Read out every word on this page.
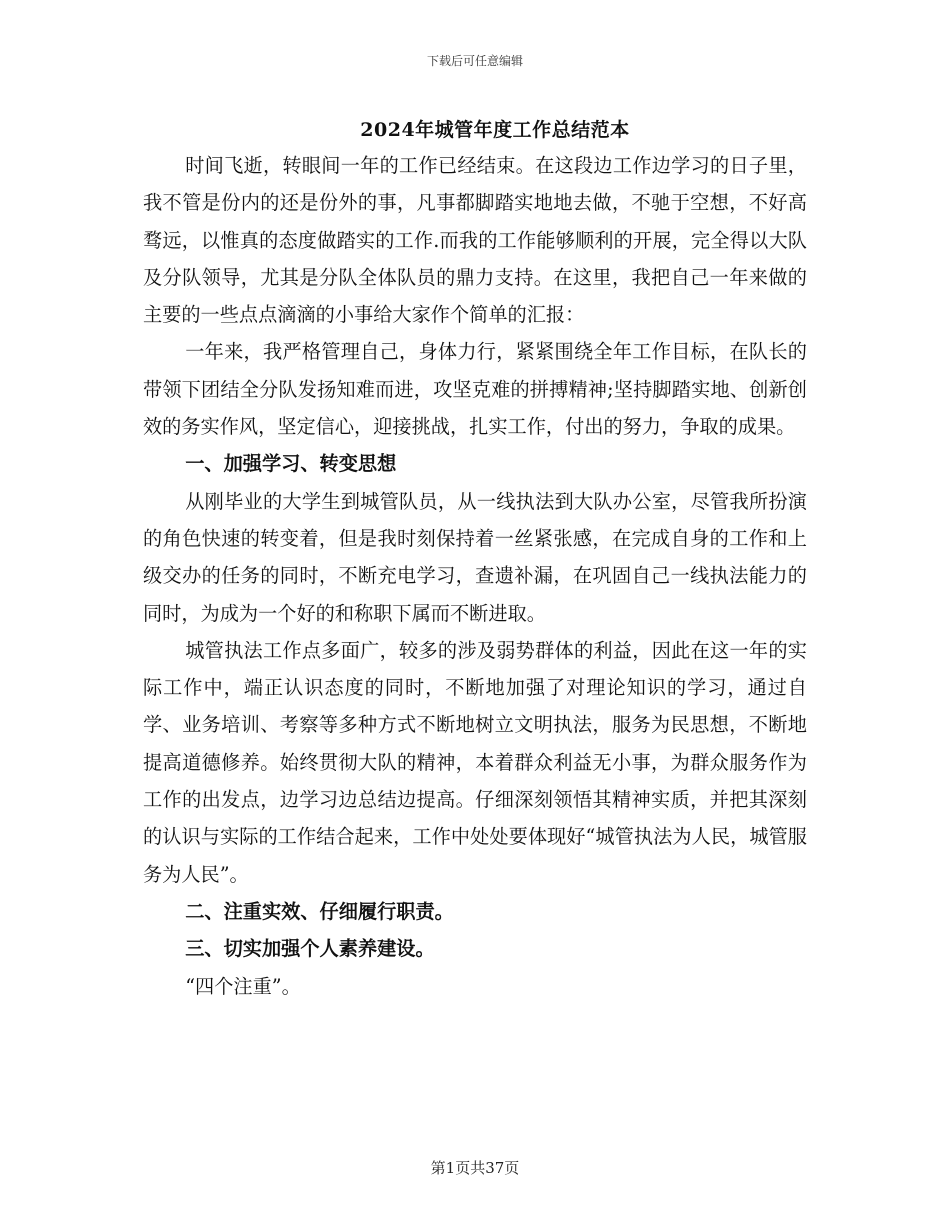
下载后可任意编辑
2024年城管年度工作总结范本

时间飞逝，转眼间一年的工作已经结束。在这段边工作边学习的日子里，我不管是份内的还是份外的事，凡事都脚踏实地地去做，不驰于空想，不好高骛远，以惟真的态度做踏实的工作.而我的工作能够顺利的开展，完全得以大队及分队领导，尤其是分队全体队员的鼎力支持。在这里，我把自己一年来做的主要的一些点点滴滴的小事给大家作个简单的汇报：

一年来，我严格管理自己，身体力行，紧紧围绕全年工作目标，在队长的带领下团结全分队发扬知难而进，攻坚克难的拼搏精神;坚持脚踏实地、创新创效的务实作风，坚定信心，迎接挑战，扎实工作，付出的努力，争取的成果。

一、加强学习、转变思想

从刚毕业的大学生到城管队员，从一线执法到大队办公室，尽管我所扮演的角色快速的转变着，但是我时刻保持着一丝紧张感，在完成自身的工作和上级交办的任务的同时，不断充电学习，查遗补漏，在巩固自己一线执法能力的同时，为成为一个好的和称职下属而不断进取。

城管执法工作点多面广，较多的涉及弱势群体的利益，因此在这一年的实际工作中，端正认识态度的同时，不断地加强了对理论知识的学习，通过自学、业务培训、考察等多种方式不断地树立文明执法，服务为民思想，不断地提高道德修养。始终贯彻大队的精神，本着群众利益无小事，为群众服务作为工作的出发点，边学习边总结边提高。仔细深刻领悟其精神实质，并把其深刻的认识与实际的工作结合起来，工作中处处要体现好“城管执法为人民，城管服务为人民”。

二、注重实效、仔细履行职责。

三、切实加强个人素养建设。

“四个注重”。

第1页共37页
